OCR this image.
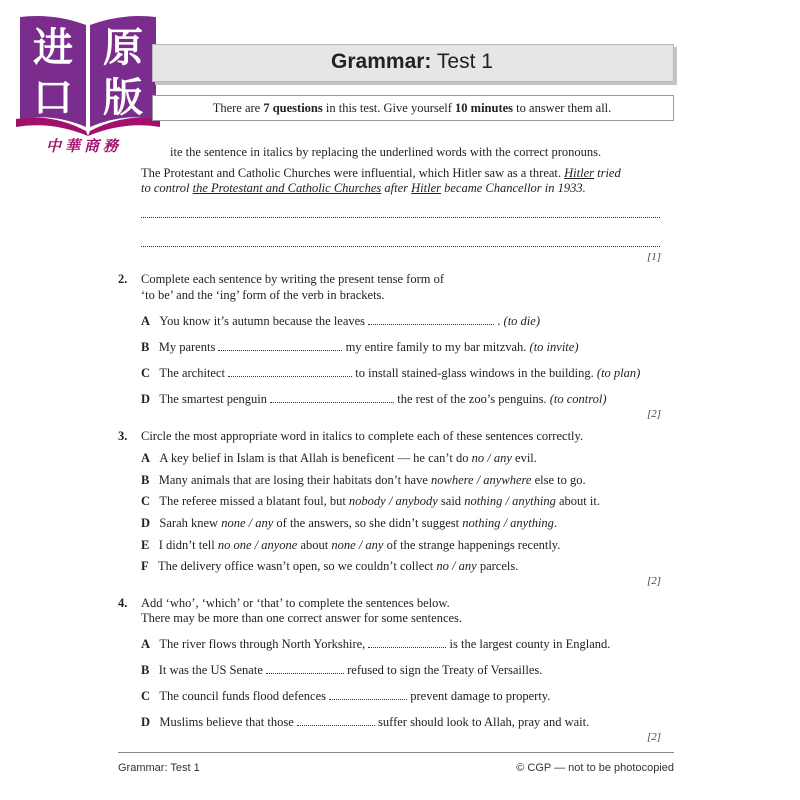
进 原
口 版
中華商務
Grammar: Test 1
There are 7 questions in this test. Give yourself 10 minutes to answer them all.
ite the sentence in italics by replacing the underlined words with the correct pronouns.
The Protestant and Catholic Churches were influential, which Hitler saw as a threat. Hitler tried
to control the Protestant and Catholic Churches after Hitler became Chancellor in 1933.
[1]
2. Complete each sentence by writing the present tense form of
‘to be’ and the ‘ing’ form of the verb in brackets.
A You know it’s autumn because the leaves	. (to die)
B My parents	my entire family to my bar mitzvah. (to invite)
C The architect	to install stained-glass windows in the building. (to plan)
D The smartest penguin	the rest of the zoo’s penguins. (to control)
[2]
3. Circle the most appropriate word in italics to complete each of these sentences correctly.
A A key belief in Islam is that Allah is beneficent — he can’t do no / any evil.
B Many animals that are losing their habitats don’t have nowhere / anywhere else to go.
C The referee missed a blatant foul, but nobody / anybody said nothing / anything about it.
D Sarah knew none / any of the answers, so she didn’t suggest nothing / anything.
E I didn’t tell no one / anyone about none / any of the strange happenings recently.
F The delivery office wasn’t open, so we couldn’t collect no / any parcels.
[2]
4. Add ‘who’, ‘which’ or ‘that’ to complete the sentences below.
There may be more than one correct answer for some sentences.
A The river flows through North Yorkshire,	is the largest county in England.
B It was the US Senate	refused to sign the Treaty of Versailles.
C The council funds flood defences	prevent damage to property.
D Muslims believe that those	suffer should look to Allah, pray and wait.
[2]
Grammar: Test 1	© CGP — not to be photocopied
